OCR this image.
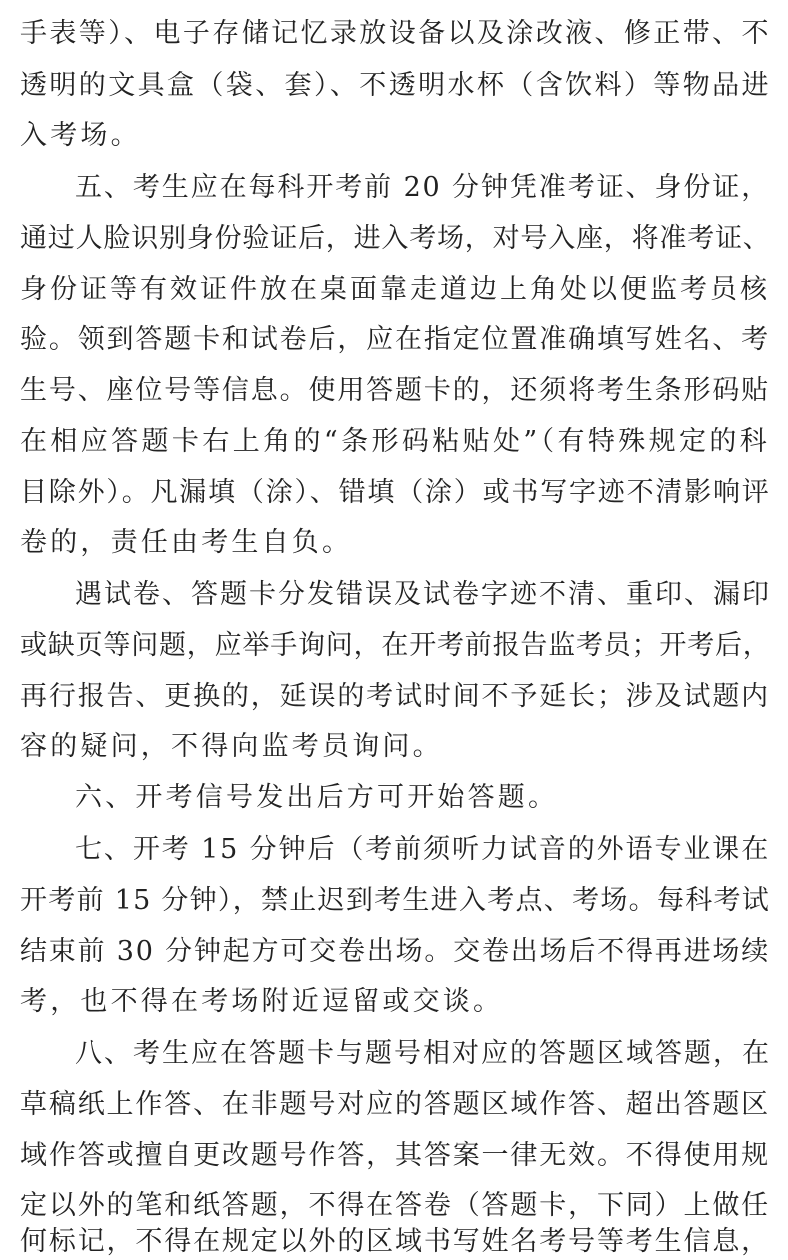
手表等）、电子存储记忆录放设备以及涂改液、修正带、不
透明的文具盒（袋、套）、不透明水杯（含饮料）等物品进
入考场。
五、考生应在每科开考前 20 分钟凭准考证、身份证，
通过人脸识别身份验证后，进入考场，对号入座，将准考证、
身份证等有效证件放在桌面靠走道边上角处以便监考员核
验。领到答题卡和试卷后，应在指定位置准确填写姓名、考
生号、座位号等信息。使用答题卡的，还须将考生条形码贴
在相应答题卡右上角的“条形码粘贴处”（有特殊规定的科
目除外）。凡漏填（涂）、错填（涂）或书写字迹不清影响评
卷的，责任由考生自负。
遇试卷、答题卡分发错误及试卷字迹不清、重印、漏印
或缺页等问题，应举手询问，在开考前报告监考员；开考后，
再行报告、更换的，延误的考试时间不予延长；涉及试题内
容的疑问，不得向监考员询问。
六、开考信号发出后方可开始答题。
七、开考 15 分钟后（考前须听力试音的外语专业课在
开考前 15 分钟），禁止迟到考生进入考点、考场。每科考试
结束前 30 分钟起方可交卷出场。交卷出场后不得再进场续
考，也不得在考场附近逗留或交谈。
八、考生应在答题卡与题号相对应的答题区域答题，在
草稿纸上作答、在非题号对应的答题区域作答、超出答题区
域作答或擅自更改题号作答，其答案一律无效。不得使用规
定以外的笔和纸答题，不得在答卷（答题卡，下同）上做任
何标记，不得在规定以外的区域书写姓名考号等考生信息，
